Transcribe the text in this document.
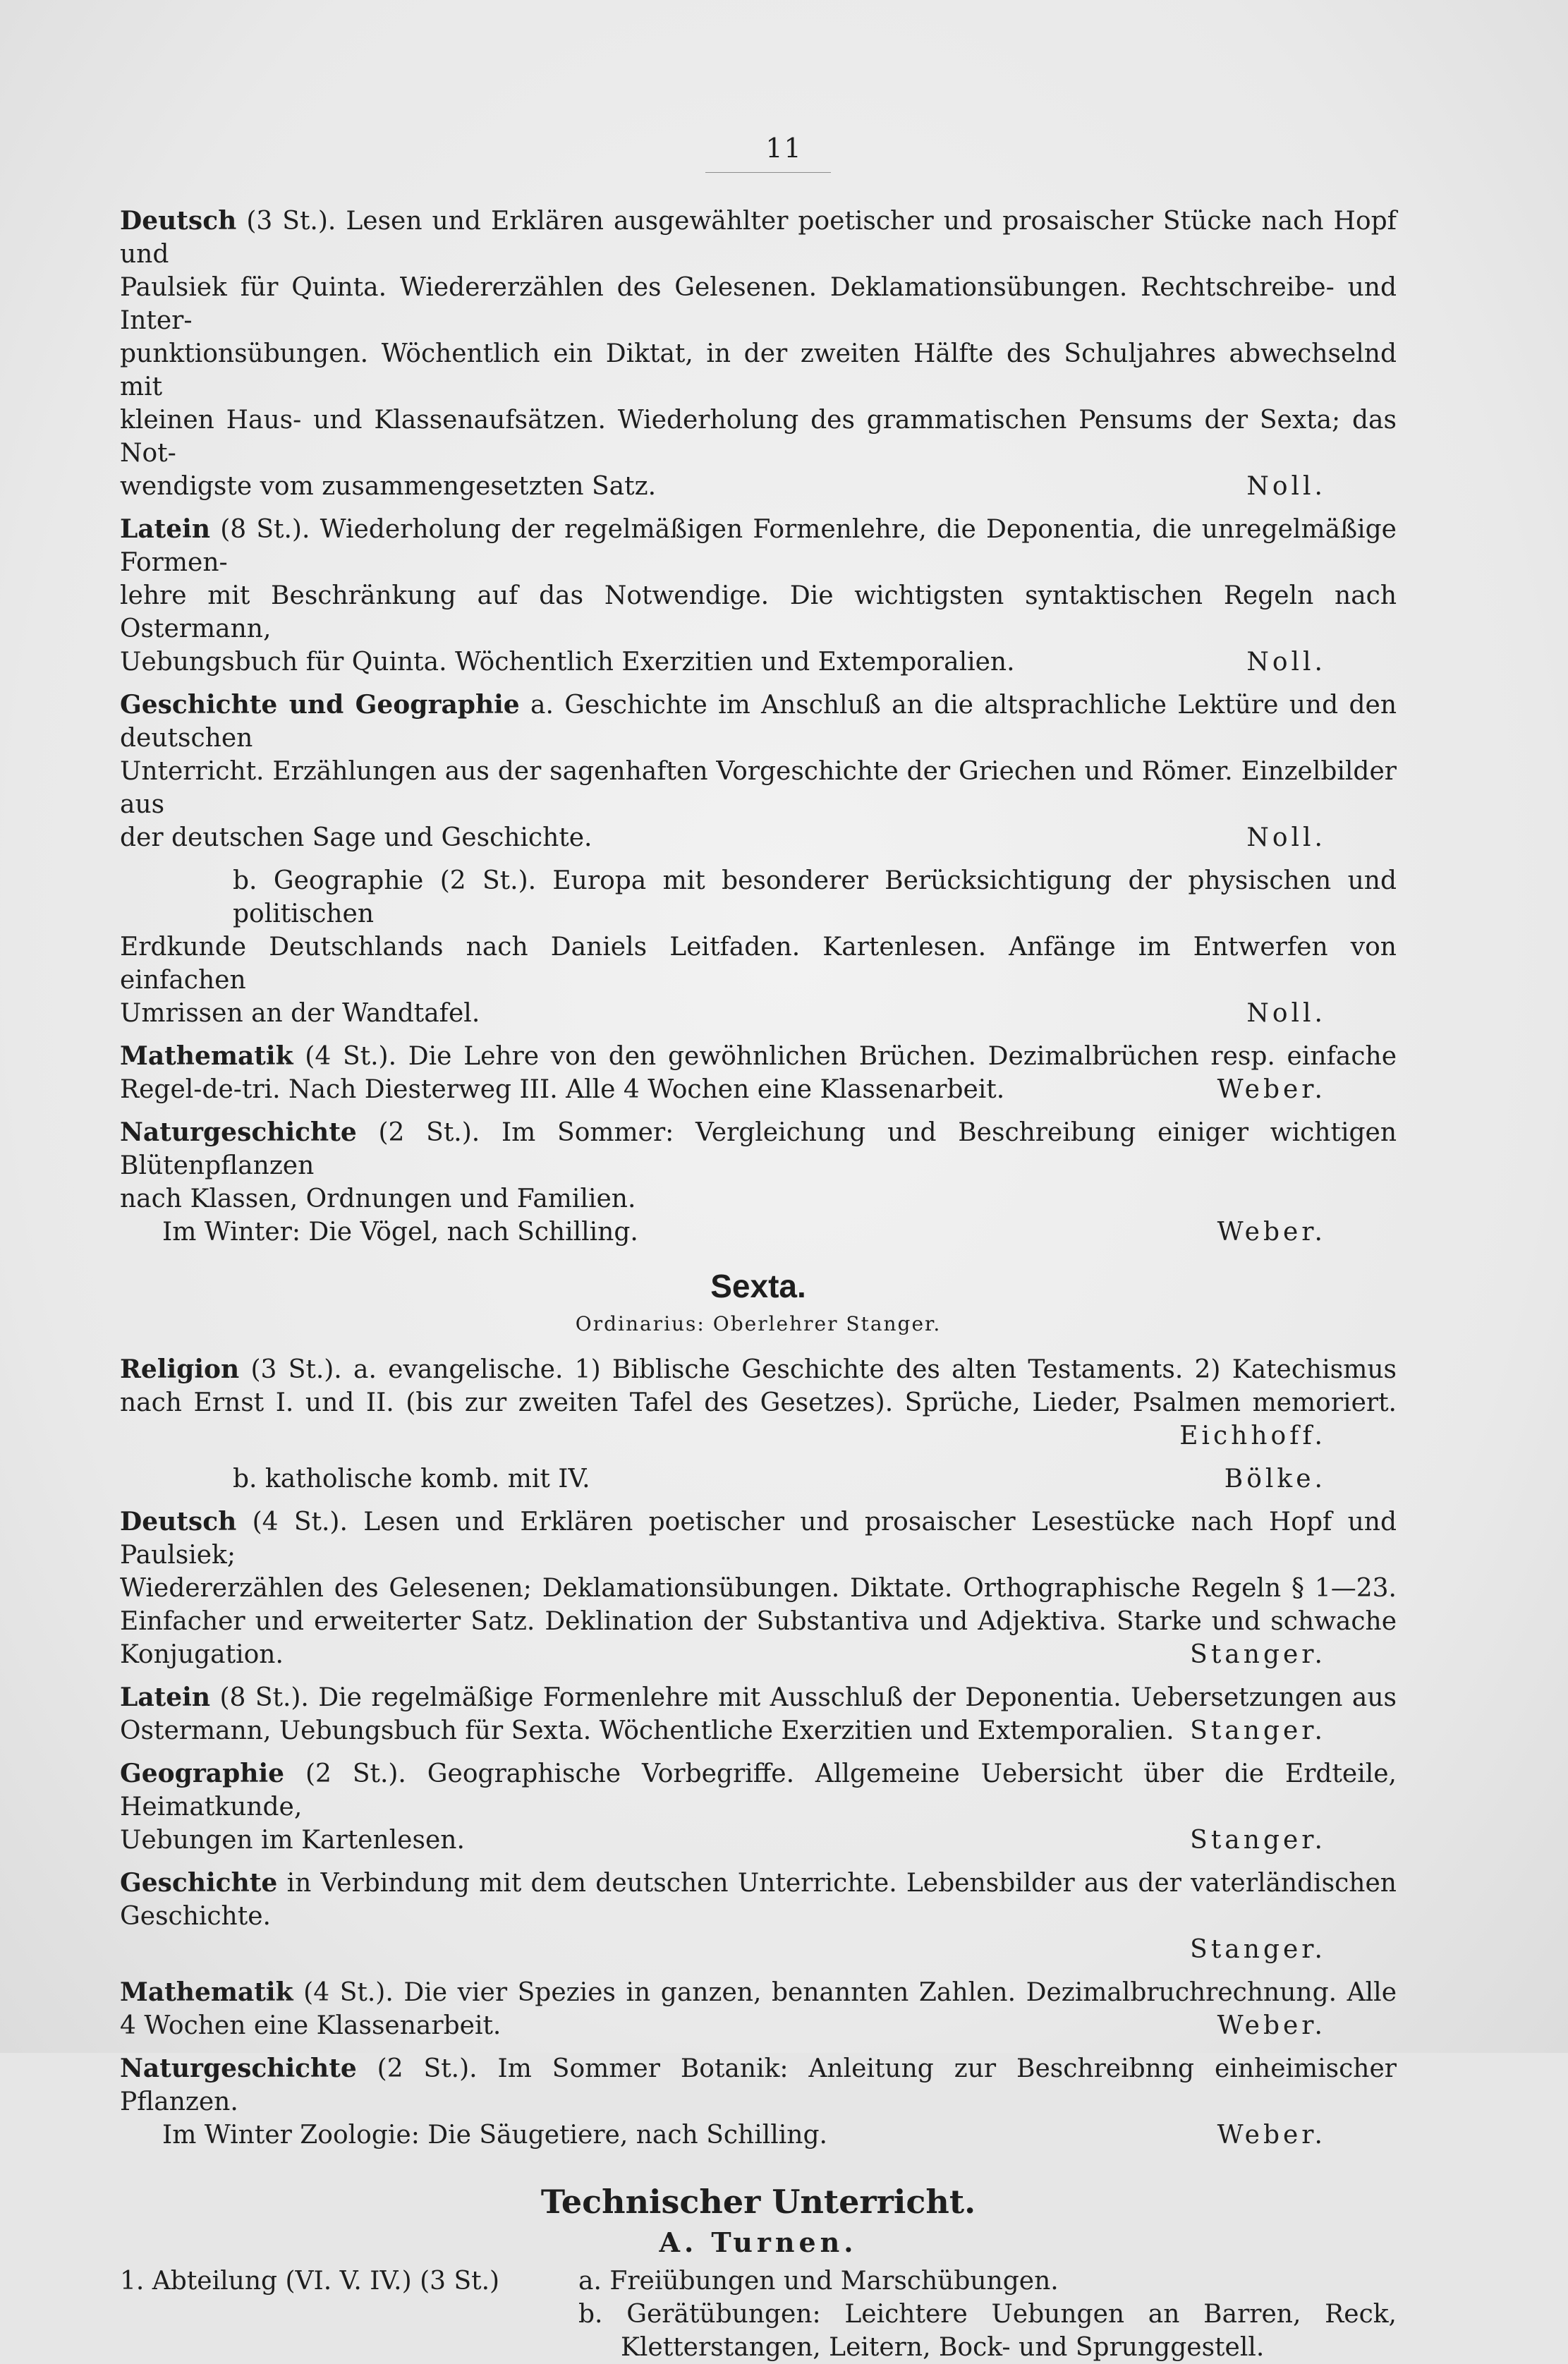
11
Deutsch (3 St.). Lesen und Erklären ausgewählter poetischer und prosaischer Stücke nach Hopf und
Paulsiek für Quinta. Wiedererzählen des Gelesenen. Deklamationsübungen. Rechtschreibe- und Inter-
punktionsübungen. Wöchentlich ein Diktat, in der zweiten Hälfte des Schuljahres abwechselnd mit
kleinen Haus- und Klassenaufsätzen. Wiederholung des grammatischen Pensums der Sexta; das Not-
wendigste vom zusammengesetzten Satz.	Noll.
Latein (8 St.). Wiederholung der regelmäßigen Formenlehre, die Deponentia, die unregelmäßige Formen-
lehre mit Beschränkung auf das Notwendige. Die wichtigsten syntaktischen Regeln nach Ostermann,
Uebungsbuch für Quinta. Wöchentlich Exerzitien und Extemporalien.	Noll.
Geschichte und Geographie a. Geschichte im Anschluß an die altsprachliche Lektüre und den deutschen
Unterricht. Erzählungen aus der sagenhaften Vorgeschichte der Griechen und Römer. Einzelbilder aus
der deutschen Sage und Geschichte.	Noll.
b. Geographie (2 St.). Europa mit besonderer Berücksichtigung der physischen und politischen
Erdkunde Deutschlands nach Daniels Leitfaden. Kartenlesen. Anfänge im Entwerfen von einfachen
Umrissen an der Wandtafel.	Noll.
Mathematik (4 St.). Die Lehre von den gewöhnlichen Brüchen. Dezimalbrüchen resp. einfache
Regel-de-tri. Nach Diesterweg III. Alle 4 Wochen eine Klassenarbeit.	Weber.
Naturgeschichte (2 St.). Im Sommer: Vergleichung und Beschreibung einiger wichtigen Blütenpflanzen
nach Klassen, Ordnungen und Familien.
Im Winter: Die Vögel, nach Schilling.	Weber.
Sexta.
Ordinarius: Oberlehrer Stanger.
Religion (3 St.). a. evangelische. 1) Biblische Geschichte des alten Testaments. 2) Katechismus
nach Ernst I. und II. (bis zur zweiten Tafel des Gesetzes). Sprüche, Lieder, Psalmen memoriert.
Eichhoff.

b. katholische komb. mit IV.	Bölke.
Deutsch (4 St.). Lesen und Erklären poetischer und prosaischer Lesestücke nach Hopf und Paulsiek;
Wiedererzählen des Gelesenen; Deklamationsübungen. Diktate. Orthographische Regeln § 1—23.
Einfacher und erweiterter Satz. Deklination der Substantiva und Adjektiva. Starke und schwache
Konjugation.	Stanger.
Latein (8 St.). Die regelmäßige Formenlehre mit Ausschluß der Deponentia. Uebersetzungen aus
Ostermann, Uebungsbuch für Sexta. Wöchentliche Exerzitien und Extemporalien. Stanger.
Geographie (2 St.). Geographische Vorbegriffe. Allgemeine Uebersicht über die Erdteile, Heimatkunde,
Uebungen im Kartenlesen.	Stanger.
Geschichte in Verbindung mit dem deutschen Unterrichte. Lebensbilder aus der vaterländischen Geschichte.
Stanger.

Mathematik (4 St.). Die vier Spezies in ganzen, benannten Zahlen. Dezimalbruchrechnung. Alle
4 Wochen eine Klassenarbeit.	Weber.
Naturgeschichte (2 St.). Im Sommer Botanik: Anleitung zur Beschreibnng einheimischer Pflanzen.
Im Winter Zoologie: Die Säugetiere, nach Schilling.	Weber.
Technischer Unterricht.
A. Turnen.
1. Abteilung (VI. V. IV.) (3 St.)	a. Freiübungen und Marschübungen.
b. Gerätübungen: Leichtere Uebungen an Barren, Reck,
Kletterstangen, Leitern, Bock- und Sprunggestell.
